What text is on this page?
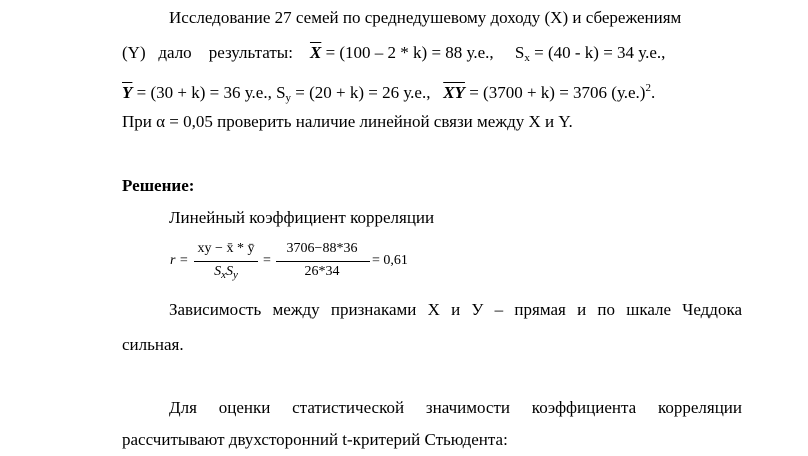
Исследование 27 семей по среднедушевому доходу (X) и сбережениям
(Y) дало результаты: $\overline{X} = (100 - 2 * k) = 88$ у.е., $S_x = (40 - k) = 34$ у.е.,
$\overline{Y} = (30 + k) = 36$ у.е., $S_y = (20 + k) = 26$ у.е., $\overline{XY} = (3700 + k) = 3706$ $(у.е.)^2$.
При α = 0,05 проверить наличие линейной связи между X и Y.
Решение:
Линейный коэффициент корреляции
r =
xy − x̄ * ȳ
$S_xS_y$
=
3706−88*36
26*34
= 0,61
Зависимость между признаками Х и У – прямая и по шкале Чеддока
сильная.
Для оценки статистической значимости коэффициента корреляции
рассчитывают двухсторонний t-критерий Стьюдента:
